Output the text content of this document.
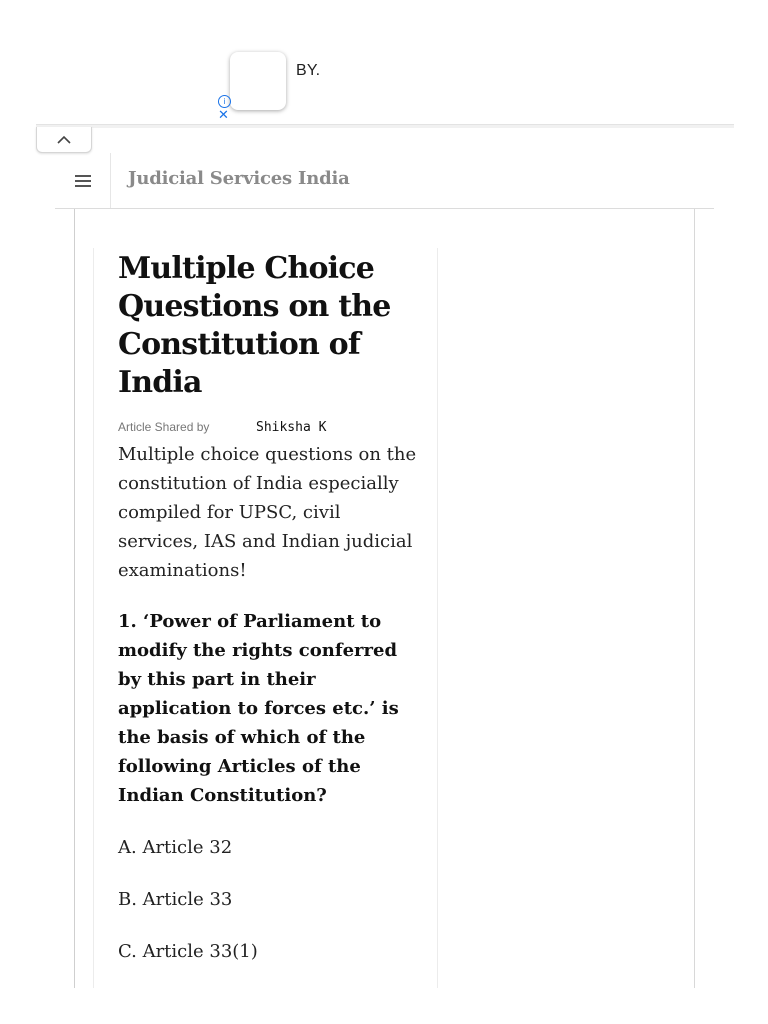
BY.
i
✕
Judicial Services India
Multiple Choice Questions on the Constitution of India
Article Shared by	Shiksha K

Multiple choice questions on the constitution of India especially compiled for UPSC, civil services, IAS and Indian judicial examinations!

1. ‘Power of Parliament to modify the rights conferred by this part in their application to forces etc.’ is the basis of which of the following Articles of the Indian Constitution?

A. Article 32

B. Article 33

C. Article 33(1)
